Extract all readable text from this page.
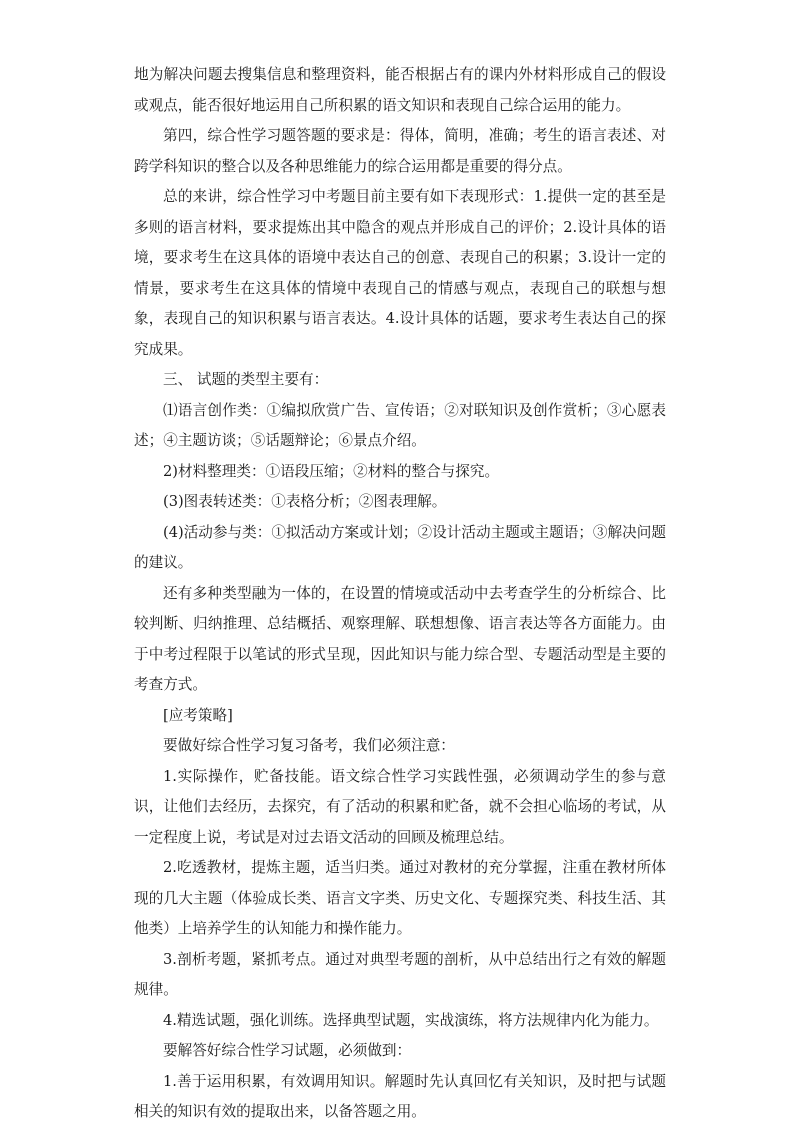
地为解决问题去搜集信息和整理资料，能否根据占有的课内外材料形成自己的假设或观点，能否很好地运用自己所积累的语文知识和表现自己综合运用的能力。

第四，综合性学习题答题的要求是：得体，简明，准确；考生的语言表述、对跨学科知识的整合以及各种思维能力的综合运用都是重要的得分点。

总的来讲，综合性学习中考题目前主要有如下表现形式：1.提供一定的甚至是多则的语言材料，要求提炼出其中隐含的观点并形成自己的评价；2.设计具体的语境，要求考生在这具体的语境中表达自己的创意、表现自己的积累；3.设计一定的情景，要求考生在这具体的情境中表现自己的情感与观点，表现自己的联想与想象，表现自己的知识积累与语言表达。4.设计具体的话题，要求考生表达自己的探究成果。

三、 试题的类型主要有：

⑴语言创作类：①编拟欣赏广告、宣传语；②对联知识及创作赏析；③心愿表述；④主题访谈；⑤话题辩论；⑥景点介绍。

2)材料整理类：①语段压缩；②材料的整合与探究。

(3)图表转述类：①表格分析；②图表理解。

(4)活动参与类：①拟活动方案或计划；②设计活动主题或主题语；③解决问题的建议。

还有多种类型融为一体的，在设置的情境或活动中去考查学生的分析综合、比较判断、归纳推理、总结概括、观察理解、联想想像、语言表达等各方面能力。由于中考过程限于以笔试的形式呈现，因此知识与能力综合型、专题活动型是主要的考查方式。

[应考策略]

要做好综合性学习复习备考，我们必须注意：

1.实际操作，贮备技能。语文综合性学习实践性强，必须调动学生的参与意识，让他们去经历，去探究，有了活动的积累和贮备，就不会担心临场的考试，从一定程度上说，考试是对过去语文活动的回顾及梳理总结。

2.吃透教材，提炼主题，适当归类。通过对教材的充分掌握，注重在教材所体现的几大主题（体验成长类、语言文字类、历史文化、专题探究类、科技生活、其他类）上培养学生的认知能力和操作能力。

3.剖析考题，紧抓考点。通过对典型考题的剖析，从中总结出行之有效的解题规律。

4.精选试题，强化训练。选择典型试题，实战演练，将方法规律内化为能力。

要解答好综合性学习试题，必须做到：

1.善于运用积累，有效调用知识。解题时先认真回忆有关知识，及时把与试题相关的知识有效的提取出来，以备答题之用。
